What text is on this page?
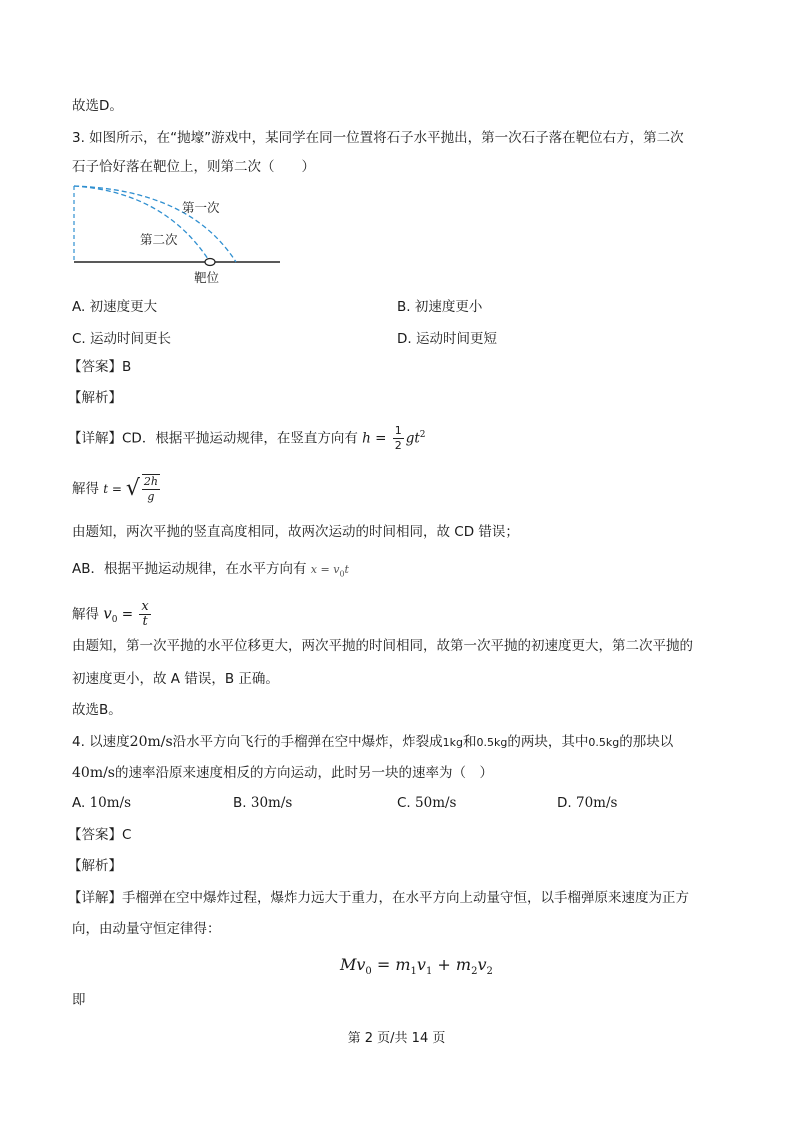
故选D。
3. 如图所示，在“抛壕”游戏中，某同学在同一位置将石子水平抛出，第一次石子落在靶位右方，第二次
石子恰好落在靶位上，则第二次（　　）
第一次
第二次
靶位
A. 初速度更大	B. 初速度更小
C. 运动时间更长	D. 运动时间更短
【答案】B
【解析】
【详解】CD．根据平抛运动规律，在竖直方向有 $h = \frac{1}{2} gt^2$
解得 t = √ $\frac{2h}{g}$
由题知，两次平抛的竖直高度相同，故两次运动的时间相同，故 CD 错误；
AB．根据平抛运动规律，在水平方向有 $x = v_0t$
解得 $v_0 = \frac{x}{t}$
由题知，第一次平抛的水平位移更大，两次平抛的时间相同，故第一次平抛的初速度更大，第二次平抛的
初速度更小，故 A 错误，B 正确。
故选B。
4. 以速度20m/s沿水平方向飞行的手榴弹在空中爆炸，炸裂成1kg和0.5kg的两块，其中0.5kg的那块以
40m/s的速率沿原来速度相反的方向运动，此时另一块的速率为（　）
A. 10m/s	B. 30m/s	C. 50m/s	D. 70m/s
【答案】C
【解析】
【详解】手榴弹在空中爆炸过程，爆炸力远大于重力，在水平方向上动量守恒，以手榴弹原来速度为正方
向，由动量守恒定律得：
$Mv_0 = m_1v_1 + m_2v_2$
即
第 2 页/共 14 页
